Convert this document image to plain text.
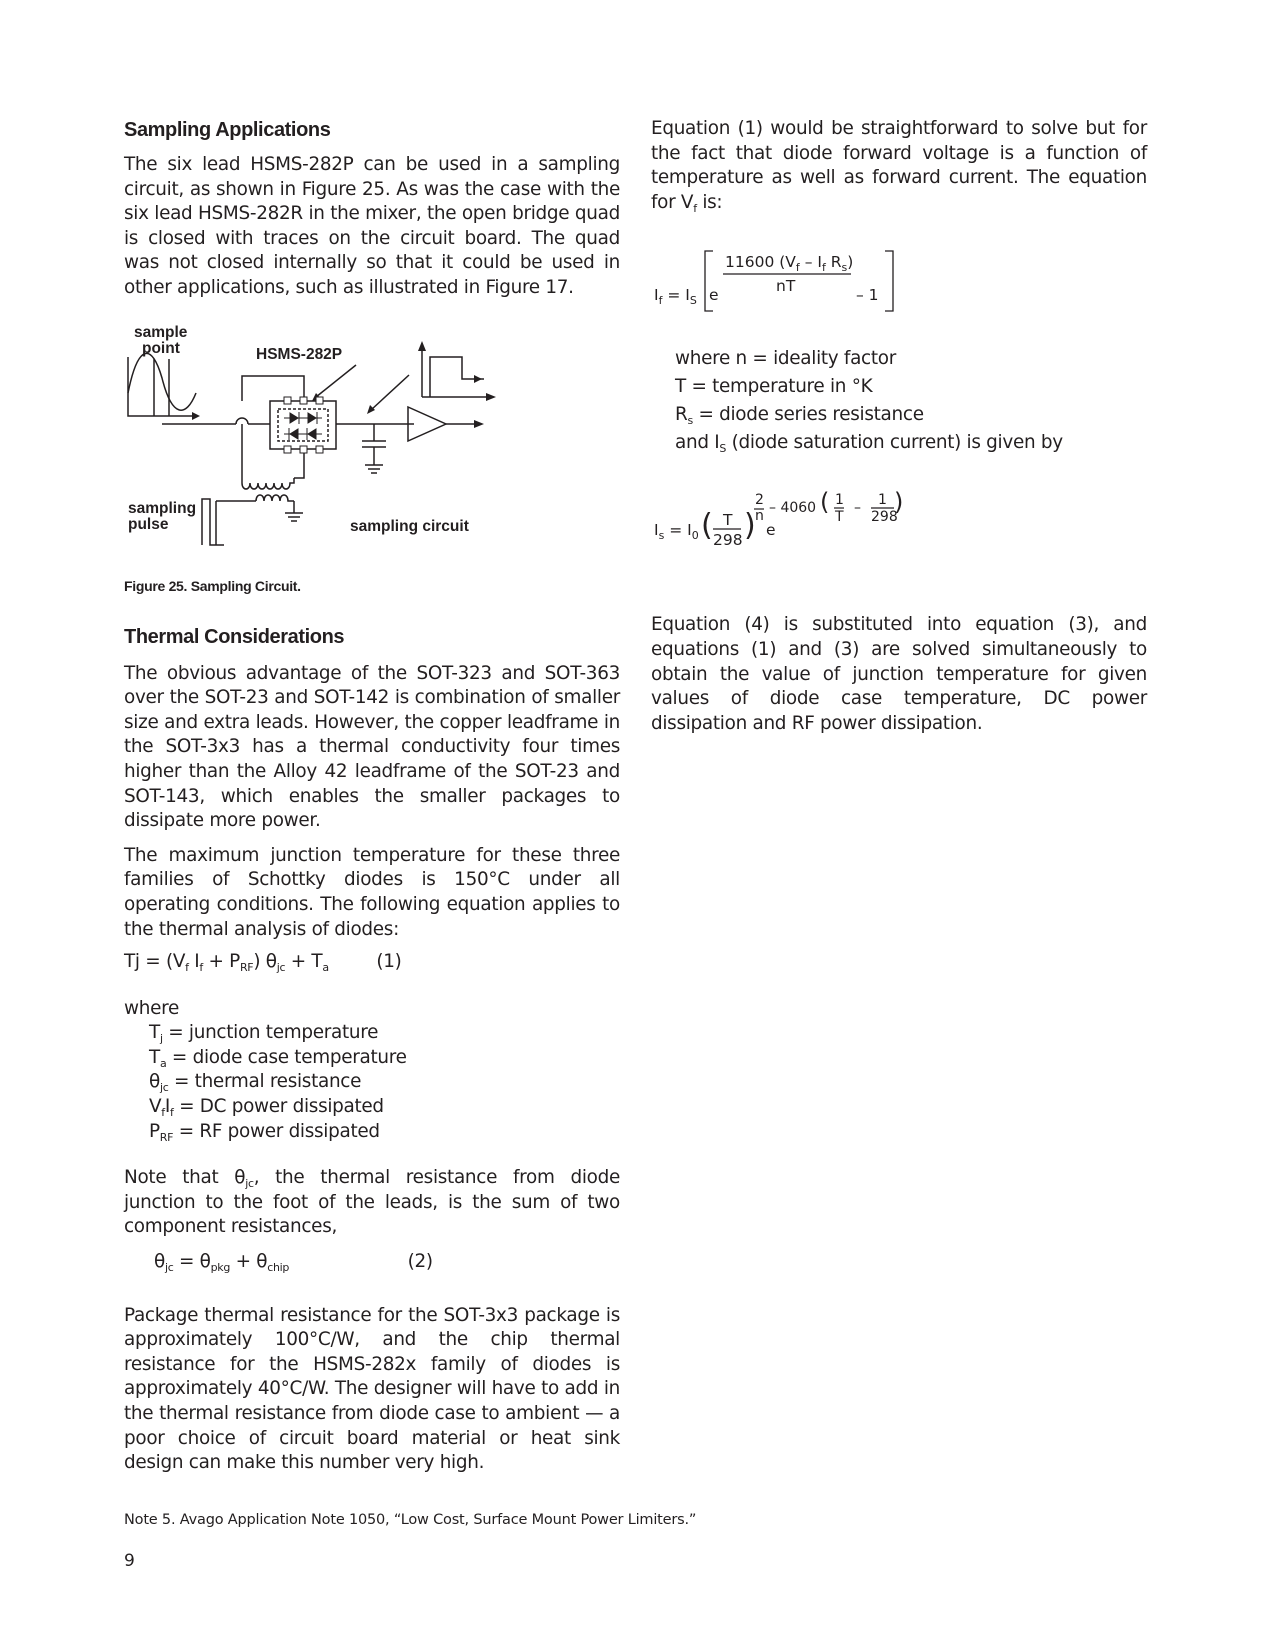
Sampling Applications

The six lead HSMS-282P can be used in a sampling circuit, as shown in Figure 25. As was the case with the six lead HSMS-282R in the mixer, the open bridge quad is closed with traces on the circuit board. The quad was not closed internally so that it could be used in other applications, such as illustrated in Figure 17.

sample
point	HSMS-282P
sampling
pulse	sampling circuit
Figure 25. Sampling Circuit.
Thermal Considerations

The obvious advantage of the SOT-323 and SOT-363 over the SOT-23 and SOT-142 is combination of smaller size and extra leads. However, the copper leadframe in the SOT-3x3 has a thermal conductivity four times higher than the Alloy 42 leadframe of the SOT-23 and SOT-143, which enables the smaller packages to dissipate more power.

The maximum junction temperature for these three families of Schottky diodes is 150°C under all operating conditions. The following equation applies to the thermal analysis of diodes:

$Tj = (V_f$ $I_f + P_{RF}$) $\theta_{jc} + T_a$	(1)
where
$T_j$ = junction temperature
$T_a$ = diode case temperature
$\theta_{jc}$ = thermal resistance
$V_fI_f$ = DC power dissipated
$P_{RF}$ = RF power dissipated

Note that $\theta_{jc}$, the thermal resistance from diode junction to the foot of the leads, is the sum of two component resistances,

$\theta_{jc} = \theta_{pkg} + \theta_{chip}$	(2)

Package thermal resistance for the SOT-3x3 package is approximately 100°C/W, and the chip thermal resistance for the HSMS-282x family of diodes is approximately 40°C/W. The designer will have to add in the thermal resistance from diode case to ambient — a poor choice of circuit board material or heat sink design can make this number very high.

Equation (1) would be straightforward to solve but for the fact that diode forward voltage is a function of temperature as well as forward current. The equation for $V_f$ is:

$I_f = I_S$ e
11600 ($V_f - I_f$ $R_s$)
nT	– 1
where n = ideality factor
T = temperature in °K
$R_s$ = diode series resistance
and $I_S$ (diode saturation current) is given by
$I_s = I_0$ ( )
T
298
2
n
e
– 4060 ( 1
T
– 1
298
)

Equation (4) is substituted into equation (3), and equations (1) and (3) are solved simultaneously to obtain the value of junction temperature for given values of diode case temperature, DC power dissipation and RF power dissipation.

Note 5. Avago Application Note 1050, “Low Cost, Surface Mount Power Limiters.”
9
